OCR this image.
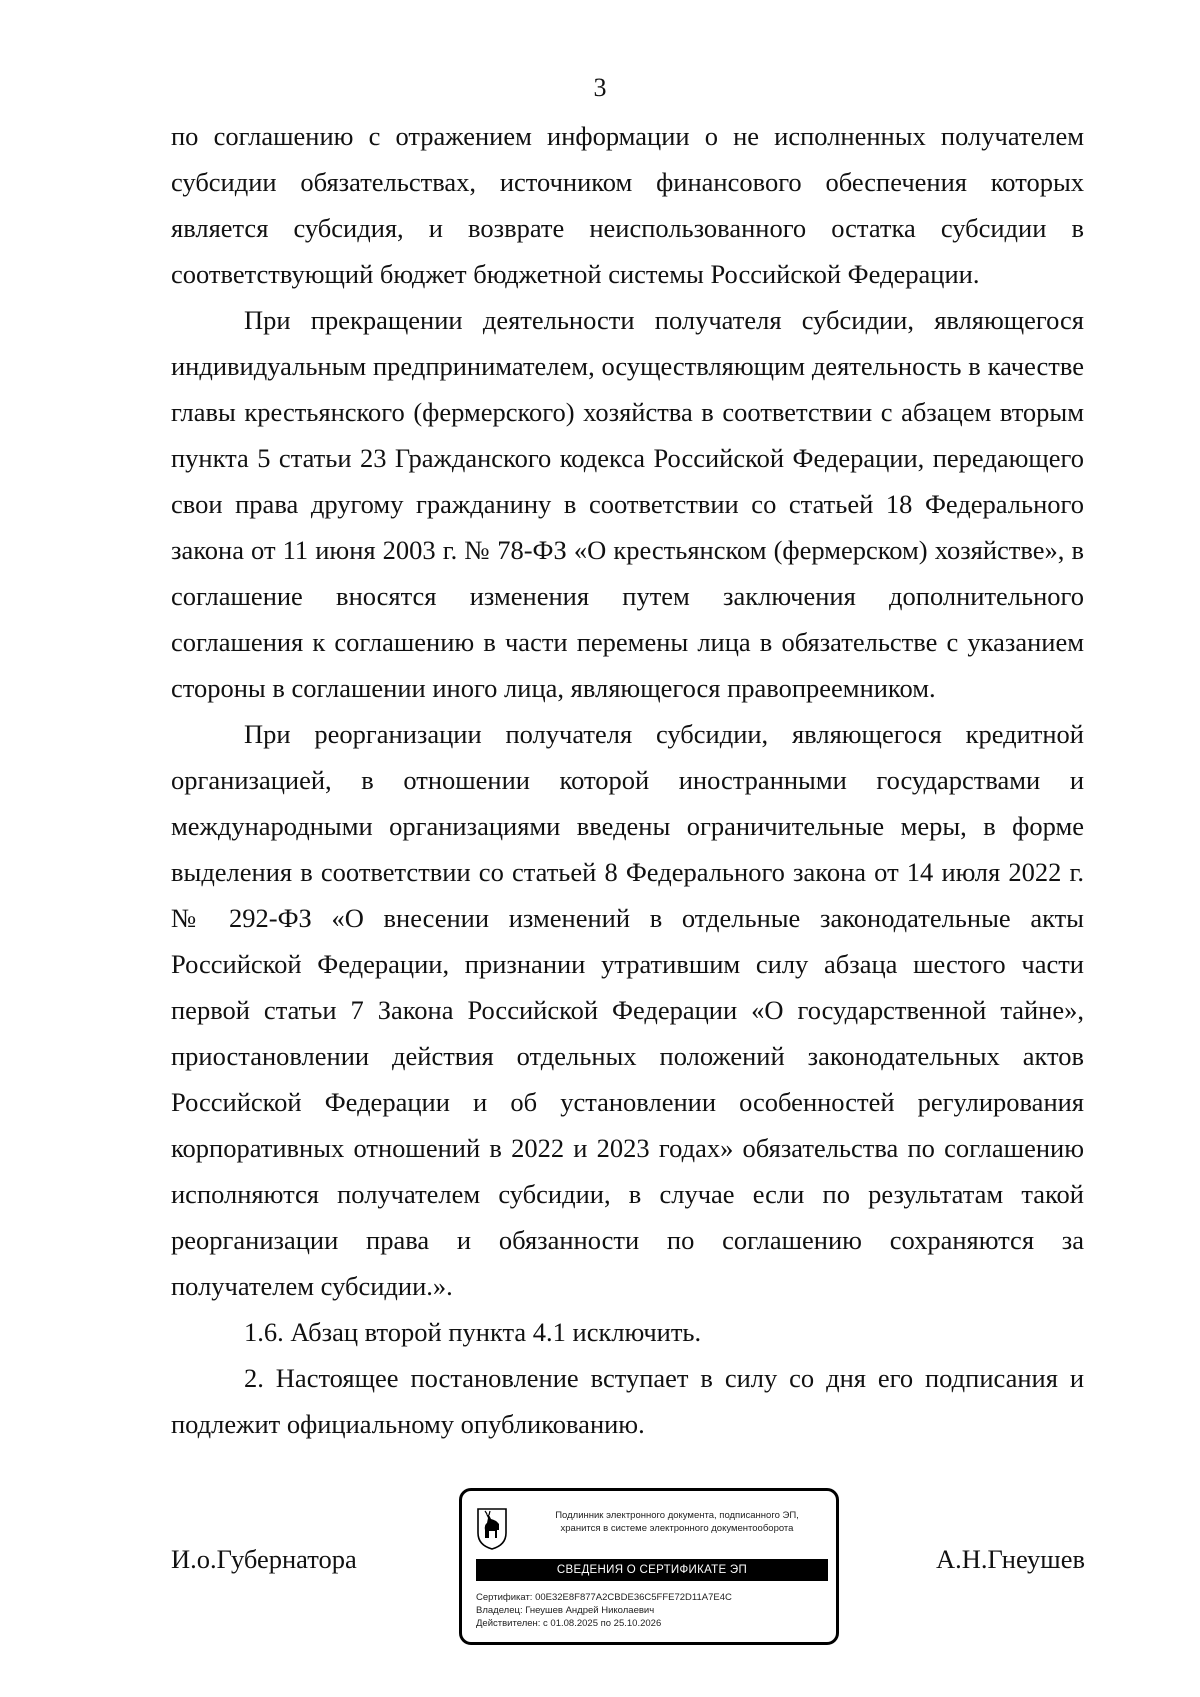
3

по соглашению с отражением информации о не исполненных получателем субсидии обязательствах, источником финансового обеспечения которых является субсидия, и возврате неиспользованного остатка субсидии в соответствующий бюджет бюджетной системы Российской Федерации.

При прекращении деятельности получателя субсидии, являющегося индивидуальным предпринимателем, осуществляющим деятельность в качестве главы крестьянского (фермерского) хозяйства в соответствии с абзацем вторым пункта 5 статьи 23 Гражданского кодекса Российской Федерации, передающего свои права другому гражданину в соответствии со статьей 18 Федерального закона от 11 июня 2003 г. № 78-ФЗ «О крестьянском (фермерском) хозяйстве», в соглашение вносятся изменения путем заключения дополнительного соглашения к соглашению в части перемены лица в обязательстве с указанием стороны в соглашении иного лица, являющегося правопреемником.

При реорганизации получателя субсидии, являющегося кредитной организацией, в отношении которой иностранными государствами и международными организациями введены ограничительные меры, в форме выделения в соответствии со статьей 8 Федерального закона от 14 июля 2022 г. № 292-ФЗ «О внесении изменений в отдельные законодательные акты Российской Федерации, признании утратившим силу абзаца шестого части первой статьи 7 Закона Российской Федерации «О государственной тайне», приостановлении действия отдельных положений законодательных актов Российской Федерации и об установлении особенностей регулирования корпоративных отношений в 2022 и 2023 годах» обязательства по соглашению исполняются получателем субсидии, в случае если по результатам такой реорганизации права и обязанности по соглашению сохраняются за получателем субсидии.».

1.6. Абзац второй пункта 4.1 исключить.

2. Настоящее постановление вступает в силу со дня его подписания и подлежит официальному опубликованию.

И.о.Губернатора
Подлинник электронного документа, подписанного ЭП,
хранится в системе электронного документооборота
СВЕДЕНИЯ О СЕРТИФИКАТЕ ЭП
Сертификат: 00E32E8F877A2CBDE36C5FFE72D11A7E4C
Владелец: Гнеушев Андрей Николаевич
Действителен: с 01.08.2025 по 25.10.2026
А.Н.Гнеушев
